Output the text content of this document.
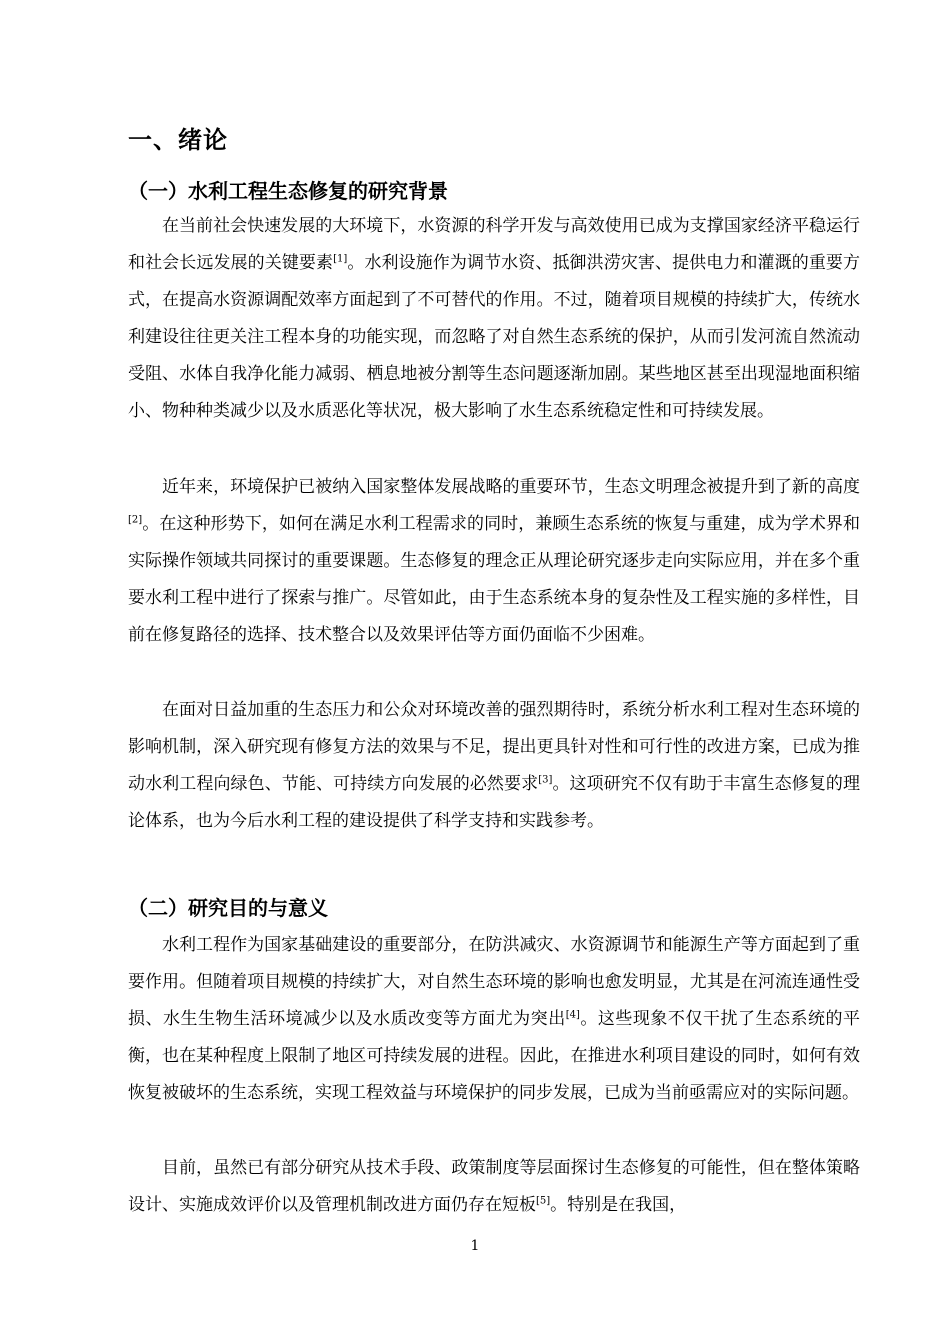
一、绪论
（一）水利工程生态修复的研究背景

在当前社会快速发展的大环境下，水资源的科学开发与高效使用已成为支撑国家经济平稳运行和社会长远发展的关键要素[1]。水利设施作为调节水资、抵御洪涝灾害、提供电力和灌溉的重要方式，在提高水资源调配效率方面起到了不可替代的作用。不过，随着项目规模的持续扩大，传统水利建设往往更关注工程本身的功能实现，而忽略了对自然生态系统的保护，从而引发河流自然流动受阻、水体自我净化能力减弱、栖息地被分割等生态问题逐渐加剧。某些地区甚至出现湿地面积缩小、物种种类减少以及水质恶化等状况，极大影响了水生态系统稳定性和可持续发展。

近年来，环境保护已被纳入国家整体发展战略的重要环节，生态文明理念被提升到了新的高度[2]。在这种形势下，如何在满足水利工程需求的同时，兼顾生态系统的恢复与重建，成为学术界和实际操作领域共同探讨的重要课题。生态修复的理念正从理论研究逐步走向实际应用，并在多个重要水利工程中进行了探索与推广。尽管如此，由于生态系统本身的复杂性及工程实施的多样性，目前在修复路径的选择、技术整合以及效果评估等方面仍面临不少困难。

在面对日益加重的生态压力和公众对环境改善的强烈期待时，系统分析水利工程对生态环境的影响机制，深入研究现有修复方法的效果与不足，提出更具针对性和可行性的改进方案，已成为推动水利工程向绿色、节能、可持续方向发展的必然要求[3]。这项研究不仅有助于丰富生态修复的理论体系，也为今后水利工程的建设提供了科学支持和实践参考。

（二）研究目的与意义

水利工程作为国家基础建设的重要部分，在防洪减灾、水资源调节和能源生产等方面起到了重要作用。但随着项目规模的持续扩大，对自然生态环境的影响也愈发明显，尤其是在河流连通性受损、水生生物生活环境减少以及水质改变等方面尤为突出[4]。这些现象不仅干扰了生态系统的平衡，也在某种程度上限制了地区可持续发展的进程。因此，在推进水利项目建设的同时，如何有效恢复被破坏的生态系统，实现工程效益与环境保护的同步发展，已成为当前亟需应对的实际问题。

目前，虽然已有部分研究从技术手段、政策制度等层面探讨生态修复的可能性，但在整体策略设计、实施成效评价以及管理机制改进方面仍存在短板[5]。特别是在我国，

1
